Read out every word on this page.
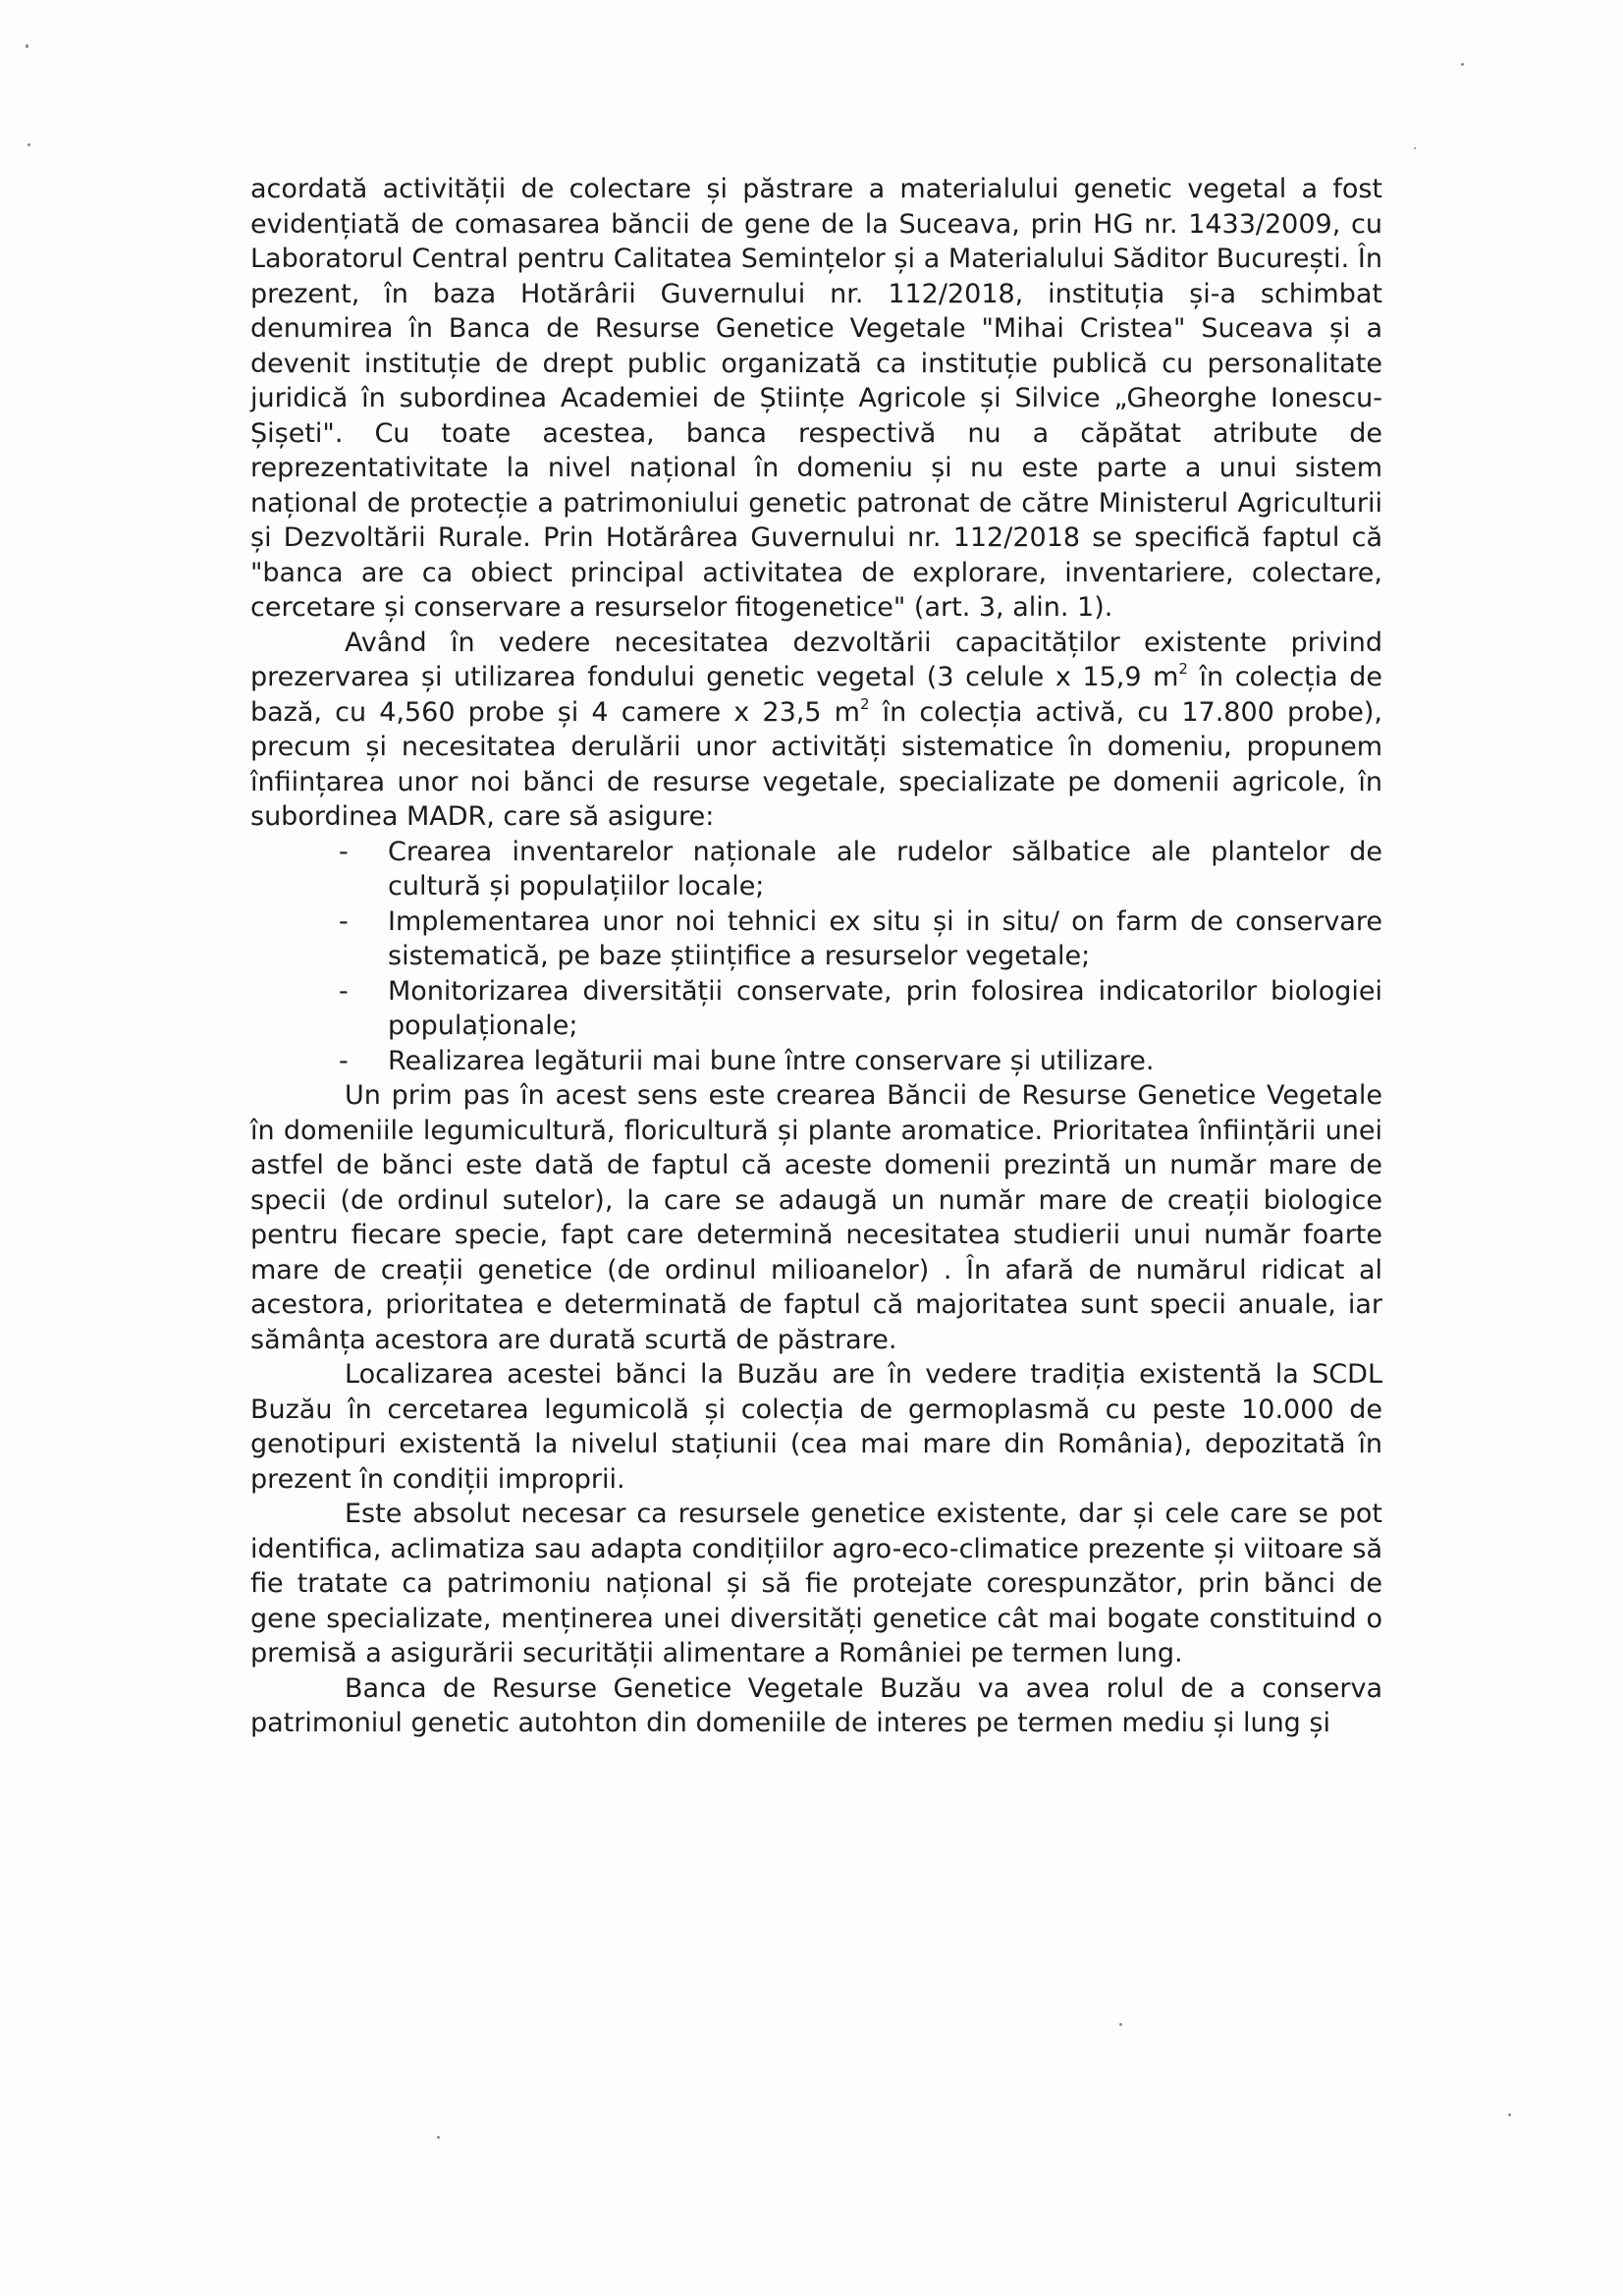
acordată activității de colectare și păstrare a materialului genetic vegetal a fost evidențiată de comasarea băncii de gene de la Suceava, prin HG nr. 1433/2009, cu Laboratorul Central pentru Calitatea Semințelor și a Materialului Săditor București. În prezent, în baza Hotărârii Guvernului nr. 112/2018, instituția și-a schimbat denumirea în Banca de Resurse Genetice Vegetale "Mihai Cristea" Suceava și a devenit instituție de drept public organizată ca instituție publică cu personalitate juridică în subordinea Academiei de Științe Agricole și Silvice „Gheorghe Ionescu-Șișeti". Cu toate acestea, banca respectivă nu a căpătat atribute de reprezentativitate la nivel național în domeniu și nu este parte a unui sistem național de protecție a patrimoniului genetic patronat de către Ministerul Agriculturii și Dezvoltării Rurale. Prin Hotărârea Guvernului nr. 112/2018 se specifică faptul că "banca are ca obiect principal activitatea de explorare, inventariere, colectare, cercetare și conservare a resurselor fitogenetice" (art. 3, alin. 1).

Având în vedere necesitatea dezvoltării capacităților existente privind prezervarea și utilizarea fondului genetic vegetal (3 celule x 15,9 $m^2$ în colecția de bază, cu 4,560 probe și 4 camere x 23,5 $m^2$ în colecția activă, cu 17.800 probe), precum și necesitatea derulării unor activități sistematice în domeniu, propunem înființarea unor noi bănci de resurse vegetale, specializate pe domenii agricole, în subordinea MADR, care să asigure:

- Crearea inventarelor naționale ale rudelor sălbatice ale plantelor de cultură și populațiilor locale;
- Implementarea unor noi tehnici ex situ și in situ/ on farm de conservare sistematică, pe baze științifice a resurselor vegetale;
- Monitorizarea diversității conservate, prin folosirea indicatorilor biologiei populaționale;
- Realizarea legăturii mai bune între conservare și utilizare.

Un prim pas în acest sens este crearea Băncii de Resurse Genetice Vegetale în domeniile legumicultură, floricultură și plante aromatice. Prioritatea înființării unei astfel de bănci este dată de faptul că aceste domenii prezintă un număr mare de specii (de ordinul sutelor), la care se adaugă un număr mare de creații biologice pentru fiecare specie, fapt care determină necesitatea studierii unui număr foarte mare de creații genetice (de ordinul milioanelor) . În afară de numărul ridicat al acestora, prioritatea e determinată de faptul că majoritatea sunt specii anuale, iar sămânța acestora are durată scurtă de păstrare.

Localizarea acestei bănci la Buzău are în vedere tradiția existentă la SCDL Buzău în cercetarea legumicolă și colecția de germoplasmă cu peste 10.000 de genotipuri existentă la nivelul stațiunii (cea mai mare din România), depozitată în prezent în condiții improprii.

Este absolut necesar ca resursele genetice existente, dar și cele care se pot identifica, aclimatiza sau adapta condițiilor agro-eco-climatice prezente și viitoare să fie tratate ca patrimoniu național și să fie protejate corespunzător, prin bănci de gene specializate, menținerea unei diversități genetice cât mai bogate constituind o premisă a asigurării securității alimentare a României pe termen lung.

Banca de Resurse Genetice Vegetale Buzău va avea rolul de a conserva patrimoniul genetic autohton din domeniile de interes pe termen mediu și lung și
